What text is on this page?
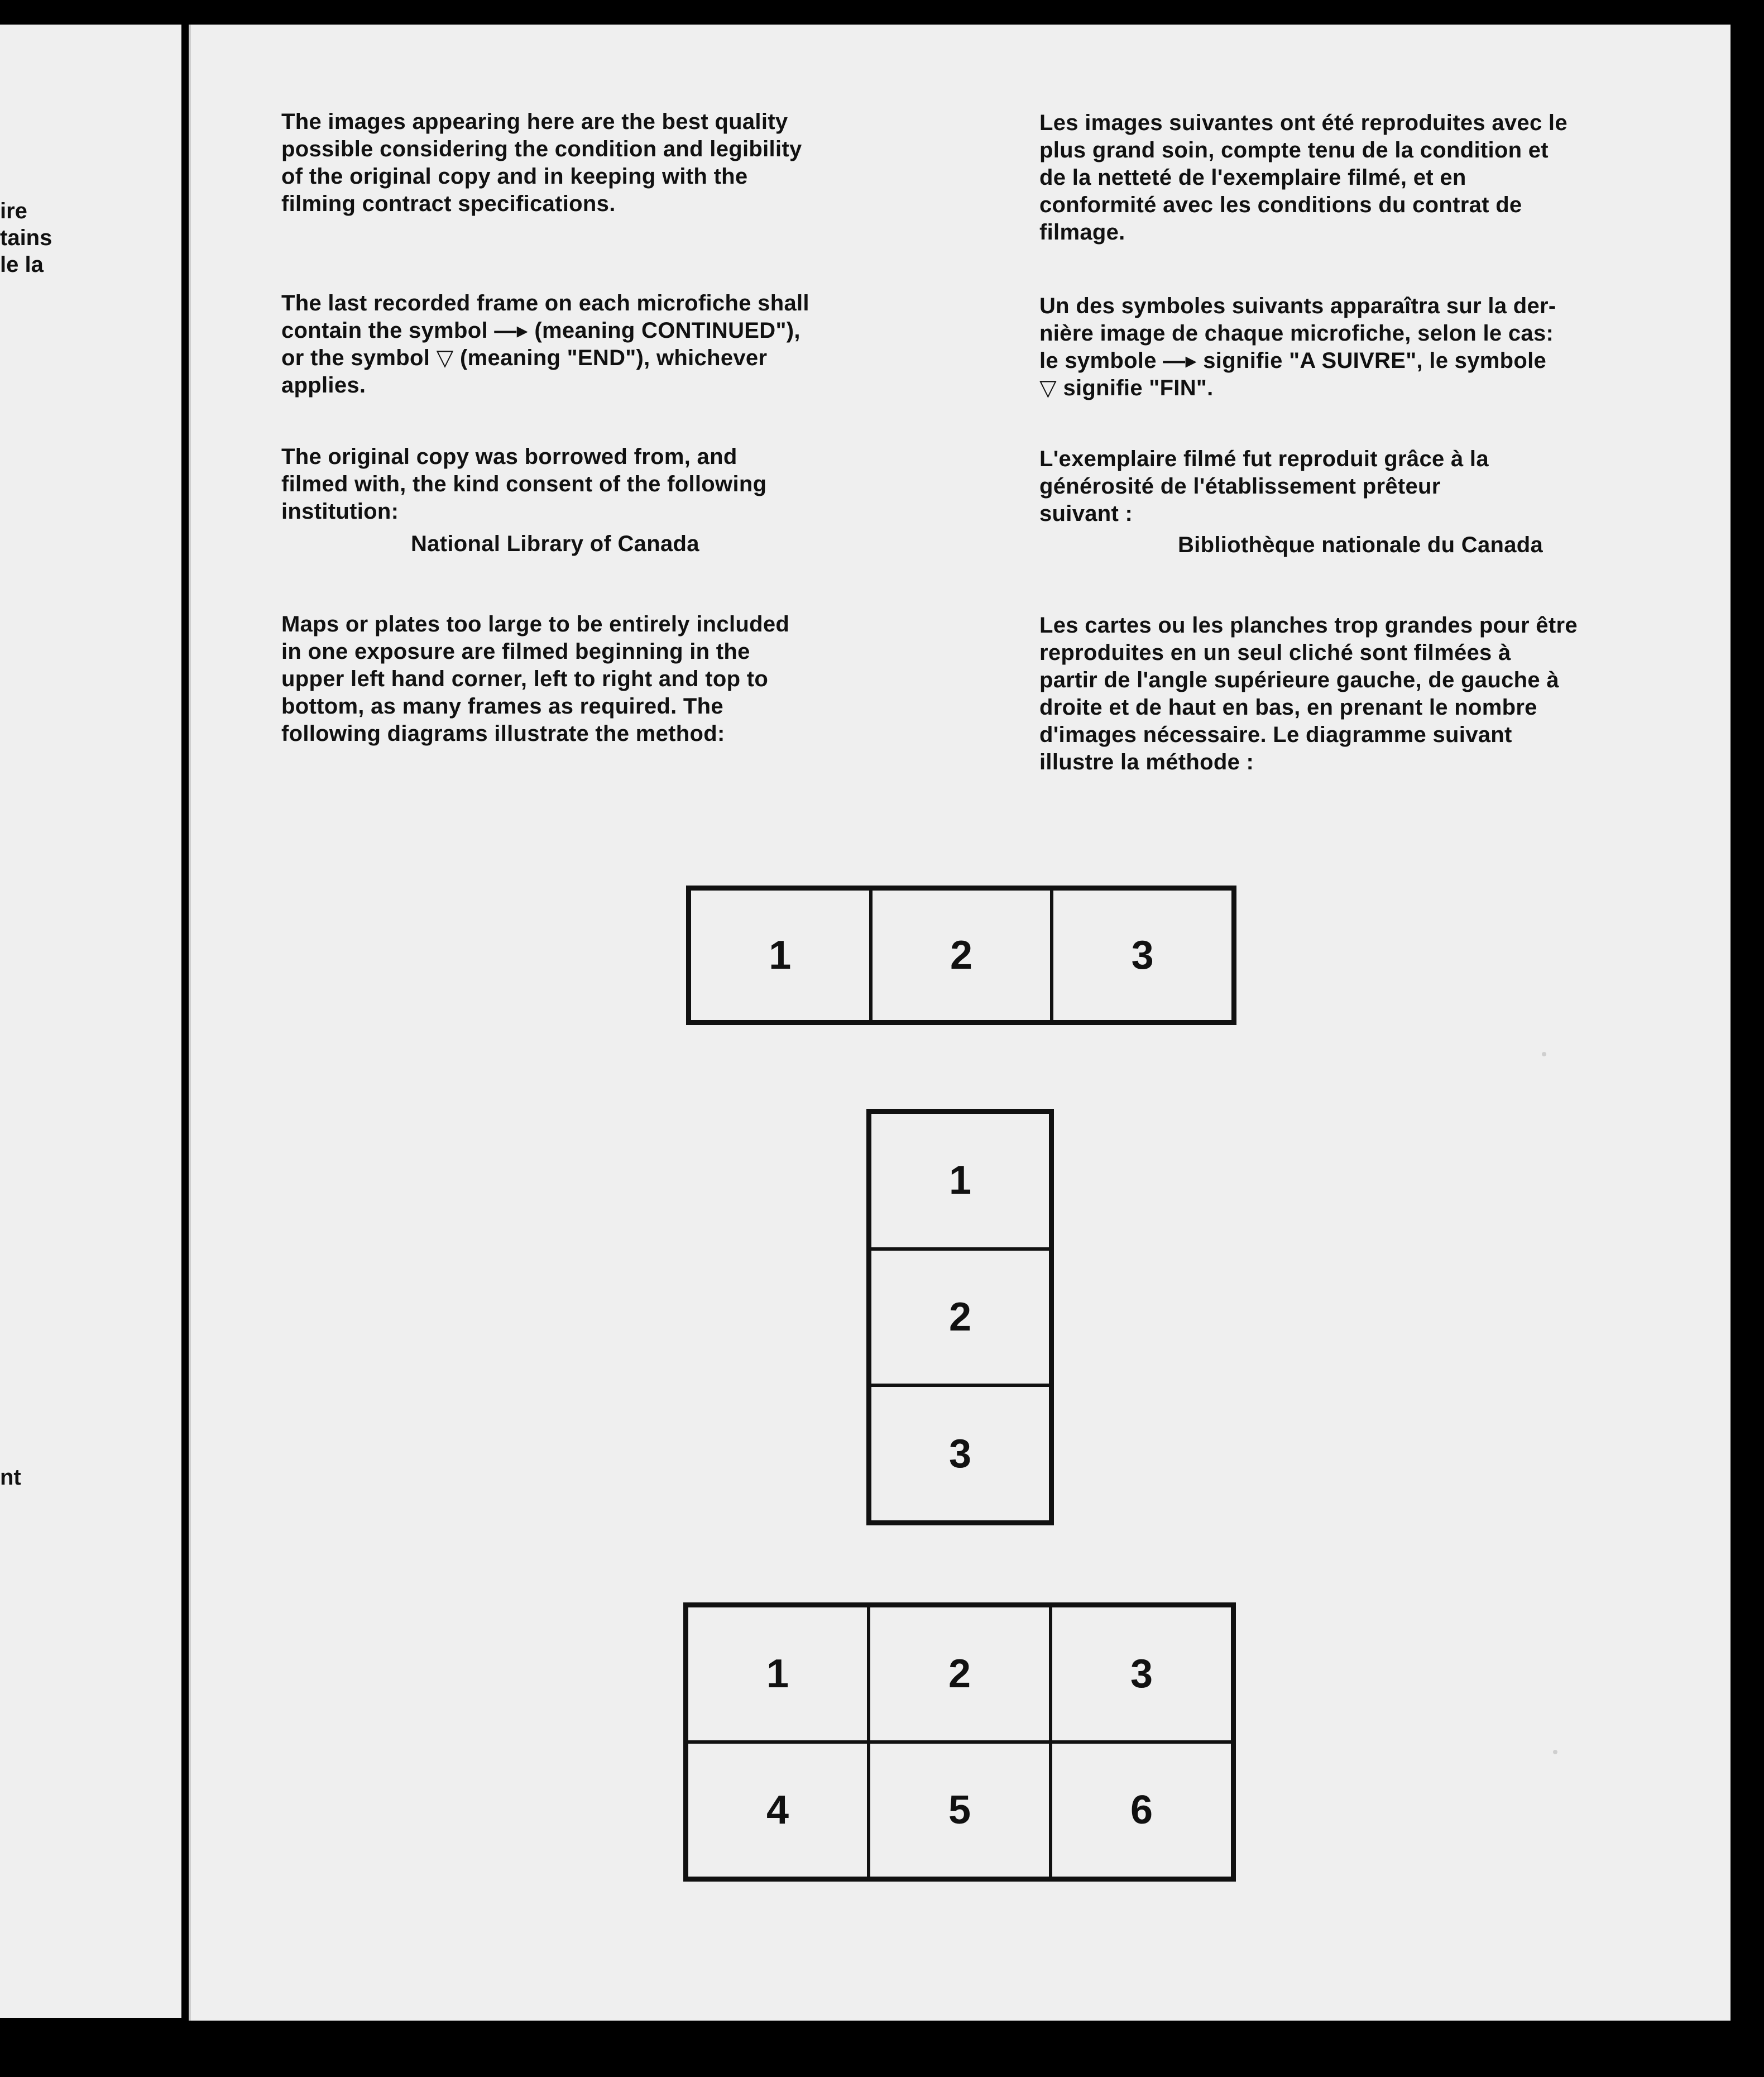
ire
tains
le la
nt
The images appearing here are the best quality
possible considering the condition and legibility
of the original copy and in keeping with the
filming contract specifications.
The last recorded frame on each microfiche shall
contain the symbol —▸ (meaning CONTINUED"),
or the symbol ▽ (meaning "END"), whichever
applies.
The original copy was borrowed from, and
filmed with, the kind consent of the following
institution:
National Library of Canada
Maps or plates too large to be entirely included
in one exposure are filmed beginning in the
upper left hand corner, left to right and top to
bottom, as many frames as required. The
following diagrams illustrate the method:
Les images suivantes ont été reproduites avec le
plus grand soin, compte tenu de la condition et
de la netteté de l'exemplaire filmé, et en
conformité avec les conditions du contrat de
filmage.
Un des symboles suivants apparaîtra sur la der-
nière image de chaque microfiche, selon le cas:
le symbole —▸ signifie "A SUIVRE", le symbole
▽ signifie "FIN".
L'exemplaire filmé fut reproduit grâce à la
générosité de l'établissement prêteur
suivant :
Bibliothèque nationale du Canada
Les cartes ou les planches trop grandes pour être
reproduites en un seul cliché sont filmées à
partir de l'angle supérieure gauche, de gauche à
droite et de haut en bas, en prenant le nombre
d'images nécessaire. Le diagramme suivant
illustre la méthode :
1	2	3
1
2
3
1	2	3
4	5	6
